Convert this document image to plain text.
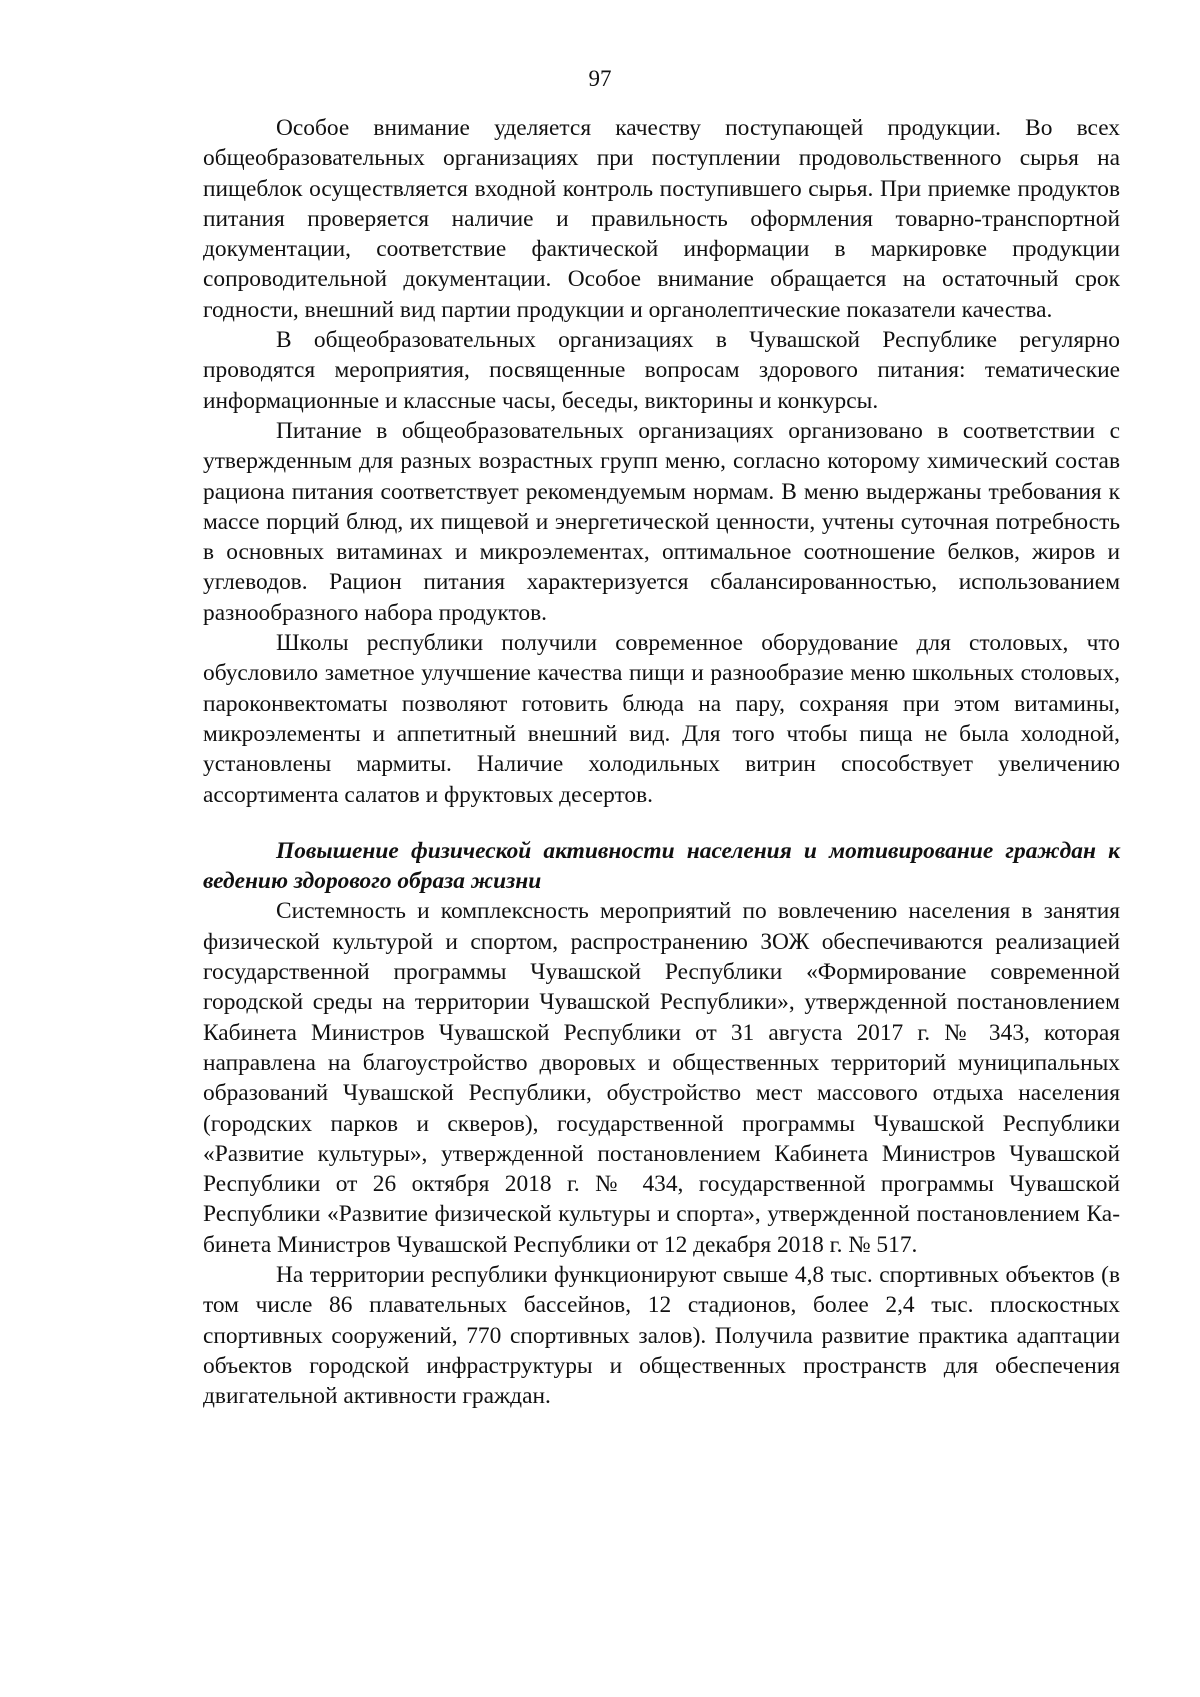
97

Особое внимание уделяется качеству поступающей продукции. Во всех общеобразовательных организациях при поступлении продовольственного сырья на пищеблок осуществляется входной контроль поступившего сырья. При приемке продуктов питания проверяется наличие и правильность оформления товарно-транспортной документации, соответствие фактической информации в маркировке продукции сопроводительной документации. Особое внимание обращается на остаточный срок годности, внешний вид партии продукции и органолептические показатели качества.

В общеобразовательных организациях в Чувашской Республике регулярно проводятся мероприятия, посвященные вопросам здорового питания: тематические информационные и классные часы, беседы, викторины и конкурсы.

Питание в общеобразовательных организациях организовано в соответствии с утвержденным для разных возрастных групп меню, согласно которому химический состав рациона питания соответствует рекомендуемым нормам. В меню выдержаны требования к массе порций блюд, их пищевой и энергетической ценности, учтены суточная потребность в основных витаминах и микроэлементах, оптимальное соотношение белков, жиров и углеводов. Рацион питания характеризуется сбалансированностью, использованием разнообразного набора продуктов.

Школы республики получили современное оборудование для столовых, что обусловило заметное улучшение качества пищи и разнообразие меню школьных столовых, пароконвектоматы позволяют готовить блюда на пару, сохраняя при этом витамины, микроэлементы и аппетитный внешний вид. Для того чтобы пища не была холодной, установлены мармиты. Наличие холодильных витрин способствует увеличению ассортимента салатов и фруктовых десертов.

Повышение физической активности населения и мотивирование граждан к ведению здорового образа жизни

Системность и комплексность мероприятий по вовлечению населения в занятия физической культурой и спортом, распространению ЗОЖ обеспечиваются реализацией государственной программы Чувашской Республики «Формирование современной городской среды на территории Чувашской Республики», утвержденной постановлением Кабинета Министров Чувашской Республики от 31 августа 2017 г. № 343, которая направлена на благоустройство дворовых и общественных территорий муниципальных образований Чувашской Республики, обустройство мест массового отдыха населения (городских парков и скверов), государственной программы Чувашской Республики «Развитие культуры», утвержденной постановлением Кабинета Министров Чувашской Республики от 26 октября 2018 г. № 434, государственной программы Чувашской Республики «Развитие физической культуры и спорта», утвержденной постановлением Кабинета Министров Чувашской Республики от 12 декабря 2018 г. № 517.

На территории республики функционируют свыше 4,8 тыс. спортивных объектов (в том числе 86 плавательных бассейнов, 12 стадионов, более 2,4 тыс. плоскостных спортивных сооружений, 770 спортивных залов). Получила развитие практика адаптации объектов городской инфраструктуры и общественных пространств для обеспечения двигательной активности граждан.
